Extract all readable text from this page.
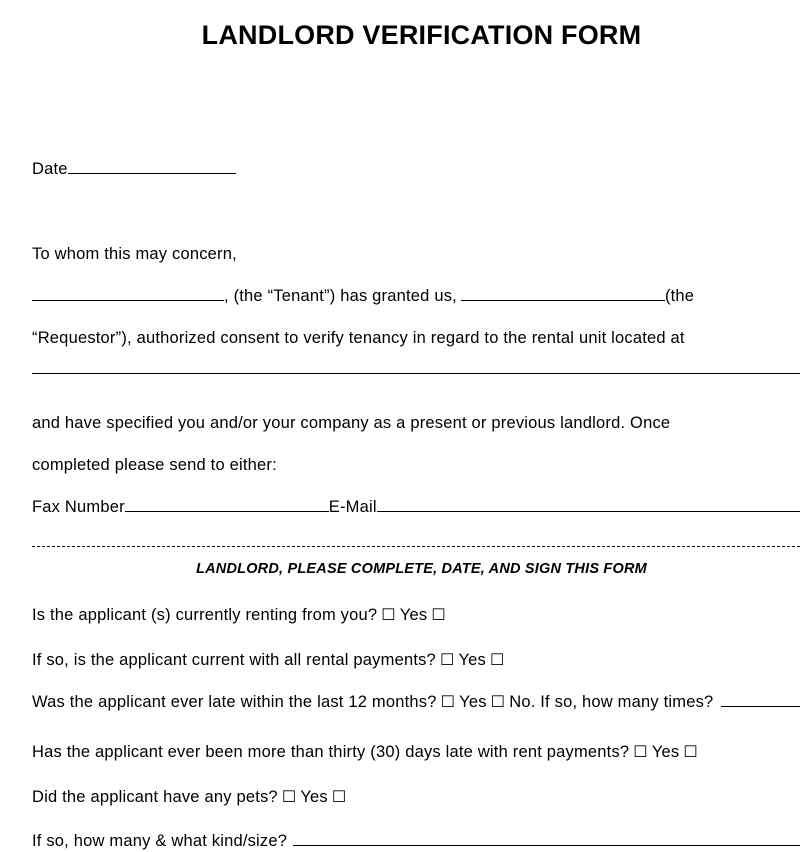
LANDLORD VERIFICATION FORM
Date
To whom this may concern,
, (the “Tenant”) has granted us,	(the
“Requestor”), authorized consent to verify tenancy in regard to the rental unit located at
and have specified you and/or your company as a present or previous landlord. Once
completed please send to either:
Fax Number	E-Mail
LANDLORD, PLEASE COMPLETE, DATE, AND SIGN THIS FORM
Is the applicant (s) currently renting from you? ☐ Yes ☐
If so, is the applicant current with all rental payments? ☐ Yes ☐
Was the applicant ever late within the last 12 months? ☐ Yes ☐ No. If so, how many times?
Has the applicant ever been more than thirty (30) days late with rent payments? ☐ Yes ☐
Did the applicant have any pets? ☐ Yes ☐
If so, how many & what kind/size?
